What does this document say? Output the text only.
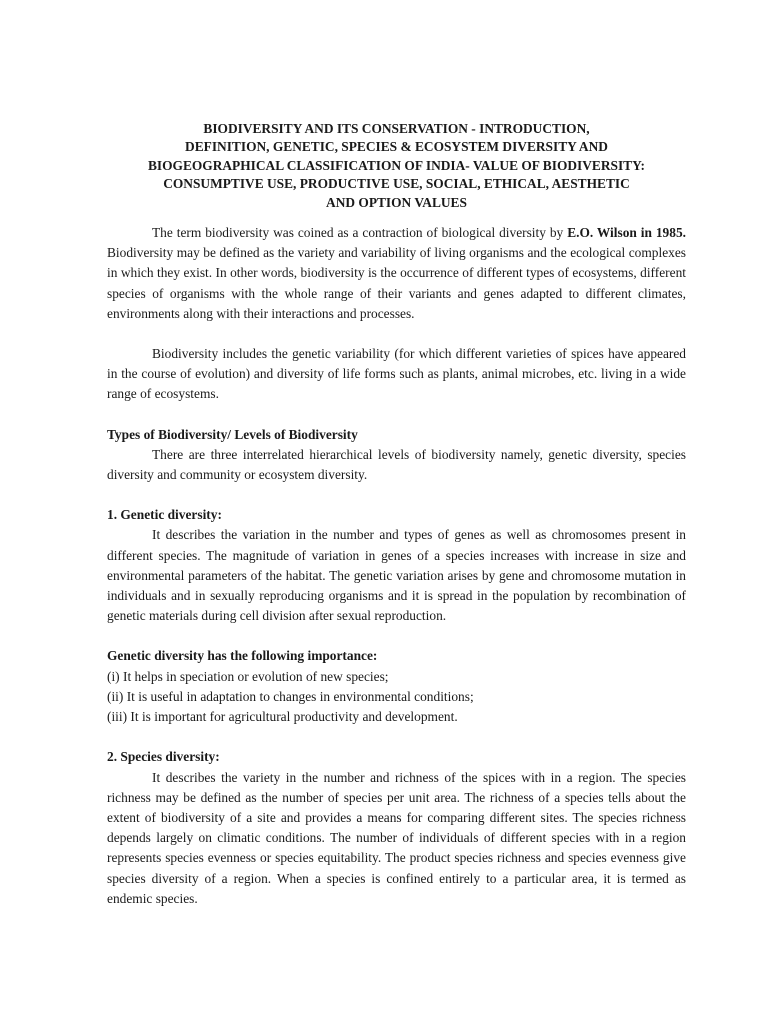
BIODIVERSITY AND ITS CONSERVATION - INTRODUCTION,
DEFINITION, GENETIC, SPECIES & ECOSYSTEM DIVERSITY AND
BIOGEOGRAPHICAL CLASSIFICATION OF INDIA- VALUE OF BIODIVERSITY:
CONSUMPTIVE USE, PRODUCTIVE USE, SOCIAL, ETHICAL, AESTHETIC
AND OPTION VALUES

The term biodiversity was coined as a contraction of biological diversity by E.O. Wilson in 1985. Biodiversity may be defined as the variety and variability of living organisms and the ecological complexes in which they exist. In other words, biodiversity is the occurrence of different types of ecosystems, different species of organisms with the whole range of their variants and genes adapted to different climates, environments along with their interactions and processes.

Biodiversity includes the genetic variability (for which different varieties of spices have appeared in the course of evolution) and diversity of life forms such as plants, animal microbes, etc. living in a wide range of ecosystems.

Types of Biodiversity/ Levels of Biodiversity

There are three interrelated hierarchical levels of biodiversity namely, genetic diversity, species diversity and community or ecosystem diversity.

1. Genetic diversity:

It describes the variation in the number and types of genes as well as chromosomes present in different species. The magnitude of variation in genes of a species increases with increase in size and environmental parameters of the habitat. The genetic variation arises by gene and chromosome mutation in individuals and in sexually reproducing organisms and it is spread in the population by recombination of genetic materials during cell division after sexual reproduction.

Genetic diversity has the following importance:

(i) It helps in speciation or evolution of new species;

(ii) It is useful in adaptation to changes in environmental conditions;

(iii) It is important for agricultural productivity and development.

2. Species diversity:

It describes the variety in the number and richness of the spices with in a region. The species richness may be defined as the number of species per unit area. The richness of a species tells about the extent of biodiversity of a site and provides a means for comparing different sites. The species richness depends largely on climatic conditions. The number of individuals of different species with in a region represents species evenness or species equitability. The product species richness and species evenness give species diversity of a region. When a species is confined entirely to a particular area, it is termed as endemic species.
